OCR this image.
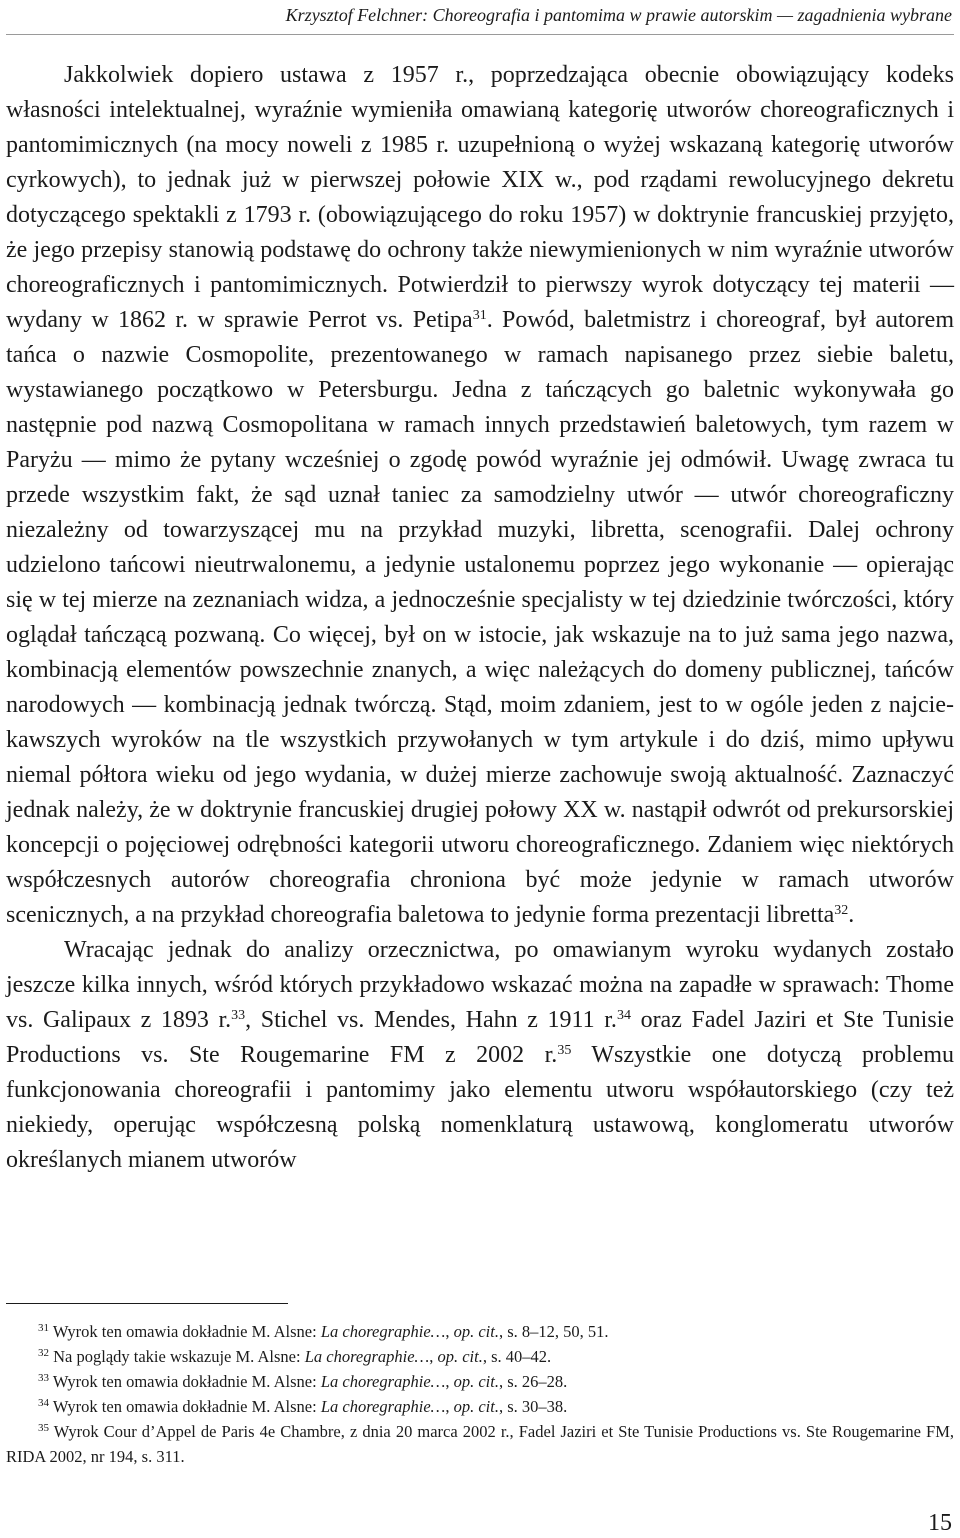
Krzysztof Felchner: Choreografia i pantomima w prawie autorskim — zagadnienia wybrane

Jakkolwiek dopiero ustawa z 1957 r., poprzedzająca obecnie obowiązujący kodeks własności intelektualnej, wyraźnie wymieniła omawianą kategorię utworów choreograficznych i pantomimicznych (na mocy noweli z 1985 r. uzupełnioną o wyżej wskazaną kategorię utworów cyrkowych), to jednak już w pierwszej połowie XIX w., pod rządami rewolucyjnego dekretu dotyczącego spektakli z 1793 r. (obowiązującego do roku 1957) w doktrynie francuskiej przyjęto, że jego przepisy stanowią podstawę do ochrony także niewymienionych w nim wyraźnie utworów choreograficznych i pantomimicznych. Potwierdził to pierwszy wyrok dotyczący tej materii — wydany w 1862 r. w sprawie Perrot vs. Petipa$^{31}$. Powód, baletmistrz i choreograf, był autorem tańca o nazwie Cosmopolite, prezentowanego w ramach napisanego przez siebie baletu, wystawianego początkowo w Petersburgu. Jedna z tańczących go baletnic wykonywała go następnie pod nazwą Cosmopolitana w ramach innych przedstawień baletowych, tym razem w Paryżu — mimo że pytany wcześniej o zgodę powód wyraźnie jej odmówił. Uwagę zwraca tu przede wszystkim fakt, że sąd uznał taniec za samodzielny utwór — utwór choreograficzny niezależny od towarzyszącej mu na przykład muzyki, libretta, scenografii. Dalej ochrony udzielono tańcowi nieutrwalonemu, a jedynie ustalonemu poprzez jego wykonanie — opierając się w tej mierze na zeznaniach widza, a jednocześnie specjalisty w tej dziedzinie twórczości, który oglądał tańczącą pozwaną. Co więcej, był on w istocie, jak wskazuje na to już sama jego nazwa, kombinacją elementów powszechnie znanych, a więc należących do domeny publicznej, tańców narodowych — kombinacją jednak twórczą. Stąd, moim zdaniem, jest to w ogóle jeden z najciekawszych wyroków na tle wszystkich przywołanych w tym artykule i do dziś, mimo upływu niemal półtora wieku od jego wydania, w dużej mierze zachowuje swoją aktualność. Zaznaczyć jednak należy, że w doktrynie francuskiej drugiej połowy XX w. nastąpił odwrót od prekursorskiej koncepcji o pojęciowej odrębności kategorii utworu choreograficznego. Zdaniem więc niektórych współczesnych autorów choreografia chroniona być może jedynie w ramach utworów scenicznych, a na przykład choreografia baletowa to jedynie forma prezentacji libretta$^{32}$.

Wracając jednak do analizy orzecznictwa, po omawianym wyroku wydanych zostało jeszcze kilka innych, wśród których przykładowo wskazać można na zapadłe w sprawach: Thome vs. Galipaux z 1893 r.$^{33}$, Stichel vs. Mendes, Hahn z 1911 r.$^{34}$ oraz Fadel Jaziri et Ste Tunisie Productions vs. Ste Rougemarine FM z 2002 r.$^{35}$ Wszystkie one dotyczą problemu funkcjonowania choreografii i pantomimy jako elementu utworu współautorskiego (czy też niekiedy, operując współczesną polską nomenklaturą ustawową, konglomeratu utworów określanych mianem utworów

$^{31}$ Wyrok ten omawia dokładnie M. Alsne: La choregraphie…, op. cit., s. 8–12, 50, 51.

$^{32}$ Na poglądy takie wskazuje M. Alsne: La choregraphie…, op. cit., s. 40–42.

$^{33}$ Wyrok ten omawia dokładnie M. Alsne: La choregraphie…, op. cit., s. 26–28.

$^{34}$ Wyrok ten omawia dokładnie M. Alsne: La choregraphie…, op. cit., s. 30–38.

$^{35}$ Wyrok Cour d’Appel de Paris 4e Chambre, z dnia 20 marca 2002 r., Fadel Jaziri et Ste Tunisie Productions vs. Ste Rougemarine FM, RIDA 2002, nr 194, s. 311.

15
